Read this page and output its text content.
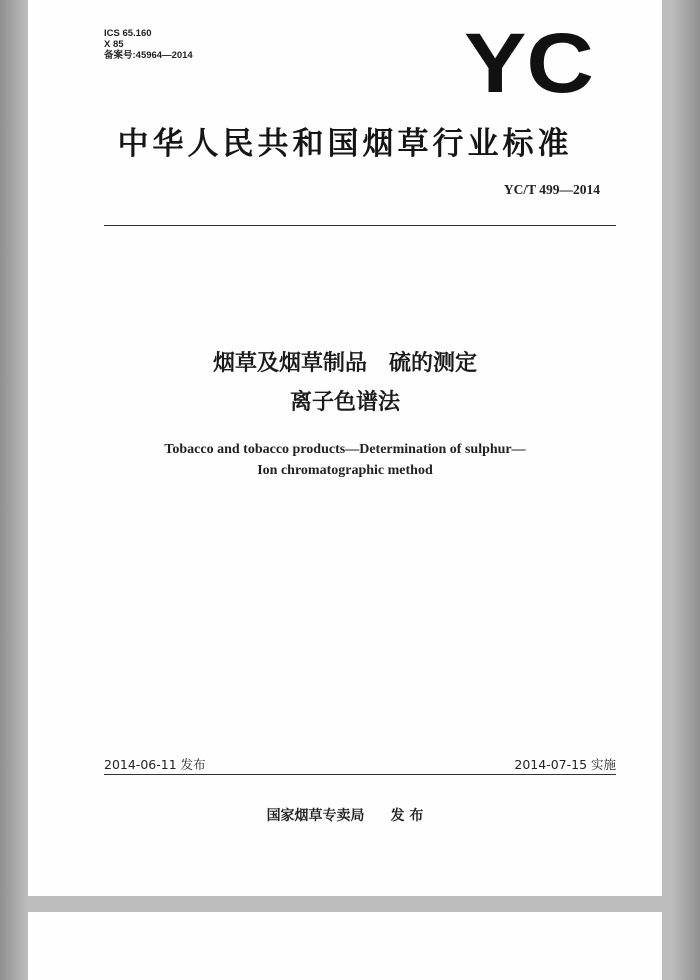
ICS 65.160
X 85
备案号:45964—2014	YC
中华人民共和国烟草行业标准
YC/T 499—2014
烟草及烟草制品　硫的测定
离子色谱法
Tobacco and tobacco products—Determination of sulphur—
Ion chromatographic method
2014-06-11 发布	2014-07-15 实施
国家烟草专卖局 发 布
